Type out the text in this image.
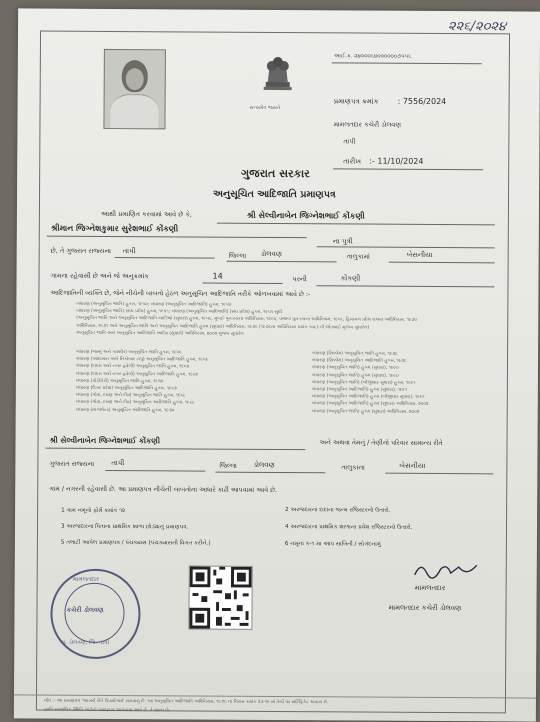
૨૨૬/૨૦૨૪
સત્યમેવ જયતે
આઈ.ક્ર. ૨૪૦૦૦૬૪૦૦૦૦૦૦૭૫૫૬
પ્રમાણપત્ર ક્રમાંક : 7556/2024
મામલતદાર કચેરી ડોલવણ
તાપી
તારીખ :- 11/10/2024
ગુજરાત સરકાર
અનુસૂચિત આદિજાતિ પ્રમાણપત્ર
આથી પ્રમાણિત કરવામાં આવે છે કે,	શ્રી સેલ્વીનાબેન જિગ્નેશભાઈ કોંકણી
શ્રીમાન જિગ્નેશકુમાર સુરેશભાઈ કોંકણી
ના પુત્રી
છે, તે ગુજરાત રાજ્યના તાપી
જિલ્લા ડોલવણ	તાલુકામાં	બેસનીયા
ગામના રહેવાસી છે અને જે અનુક્રમાંક	14	પરની	કોંકણી
આદિજાતિની વ્યક્તિ છે, જેને નીચેની બાબતો હેઠળ અનુસૂચિત આદિજાતિ તરીકે ઓળખવામાં આવે છે :-
બંધારણ (અનુસૂચિત જાતિ) હુકમ, ૧૯૫૦; બંધારણ (અનુસૂચિત આદિજાતિ) હુકમ, ૧૯૫૦
બંધારણ (અનુસૂચિત જાતિ) (સંઘ પ્રદેશ) હુકમ, ૧૯૫૧; બંધારણ (અનુસૂચિત આદિજાતિ) (સંઘ પ્રદેશ) હુકમ, ૧૯૫૧ સુધી
(અનુસૂચિત જાતિ અને અનુસૂચિત આદિજાતિ યાદીઓ (સુધારા) હુકમ, ૧૯૫૬, મુંબઈ પુનઃરચના અધિનિયમ, ૧૯૬૦, પંજાબ પુનઃરચના અધિનિયમ, ૧૯૬૬, હિમાચલ પ્રદેશ રાજ્ય અધિનિયમ, ૧૯૭૦
અધિનિયમ, ૧૯૭૧ અને અનુસૂચિત જાતિ અને અનુસૂચિત આદિજાતિ હુકમ (સુધારા) અધિનિયમ, ૧૯૭૬ (૧૯૭૬ના અધિનિયમ ક્રમાંક ૧૦૮) ની જોગવાઈ મુજબ સુધારેલ)
અનુસૂચિત જાતિ અને અનુસૂચિત આદિજાતિ આદેશ (સુધારો) અધિનિયમ, ૨૦૦૨ મુજબ સુધારેલ
બંધારણ (જમ્મુ અને કાશ્મીર) અનુસૂચિત જાતિ હુકમ, ૧૯૫૬
બંધારણ (આંદામાન અને નિકોબાર ટાપુ) અનુસૂચિત આદિજાતિ હુકમ, ૧૯૫૯
બંધારણ (દાદરા અને નગર હવેલી) અનુસૂચિત જાતિ હુકમ, ૧૯૬૨
બંધારણ (દાદરા અને નગર હવેલી) અનુસૂચિત આદિજાતિ હુકમ, ૧૯૬૨
બંધારણ (પોંડીચેરી) અનુસૂચિત જાતિ હુકમ, ૧૯૬૪
બંધારણ (ઉત્તર પ્રદેશ) અનુસૂચિત આદિજાતિ હુકમ, ૧૯૬૭
બંધારણ (ગોવા, દમણ અને દીવ) અનુસૂચિત જાતિ હુકમ, ૧૯૬૮
બંધારણ (ગોવા, દમણ અને દીવ) અનુસૂચિત આદિજાતિ હુકમ, ૧૯૬૮
બંધારણ (નાગાલેન્ડ) અનુસૂચિત આદિજાતિ હુકમ, ૧૯૭૦
બંધારણ (સિક્કીમ) અનુસૂચિત જાતિ હુકમ, ૧૯૭૮
બંધારણ (સિક્કીમ) અનુસૂચિત આદિજાતિ હુકમ, ૧૯૭૮
બંધારણ (અનુસૂચિત જાતિ) હુકમ (સુધારા), ૧૯૯૦
બંધારણ (અનુસૂચિત જાતિ) હુકમ (સુધારા), ૧૯૯૦
બંધારણ (અનુસૂચિત જાતિ) (બીજીવાર સુધારા) હુકમ, ૧૯૯૧
બંધારણ (અનુસૂચિત આદિજાતિ) હુકમ (સુધારા), ૧૯૯૧
બંધારણ (અનુસૂચિત આદિજાતિ) હુકમ (બીજીવાર સુધારા), ૧૯૯૧
બંધારણ (અનુસૂચિત આદિજાતિ) હુકમ (સુધારા) અધિનિયમ, ૨૦૦૨
બંધારણ (અનુસૂચિત જાતિ) હુકમ (સુધારા) અધિનિયમ, ૨૦૦૨
શ્રી સેલ્વીનાબેન જિગ્નેશભાઈ કોંકણી	અને અથવા તેમનું / તેણીનો પરિવાર સામાન્ય રીતે
ગુજરાત રાજ્યના તાપી	જિલ્લા ડોલવણ	તાલુકાના	બેસનીયા
ગામ / નગરની રહેવાસી છે. આ પ્રમાણપત્ર નીચેની બાબતોના આધારે કાઢી આપવામાં આવે છે.
1 ગામ નમૂનો ફોર્મ ક્રમાંક ૧૨	2 અરજદારના દાદાના જન્મ રજિસ્ટરનો ઉતારો.
3 અરજદારના પિતાના પ્રાથમિક શાળા છોડ્યાનું પ્રમાણપત્ર.	4 અરજદારના પ્રાથમિક શાળાના પ્રવેશ રજિસ્ટરનો ઉતારો.
5 તલાટી આપેલ પ્રમાણપત્ર / પંચક્યાસ (પંચક્યાસની વિગત કરીને.)	6 નમૂના ક-૧ મા આપ સાબિતી / સોગંદનામું
મામલતદાર
કચેરી ડોલવણ
તા. ડોલવણ, જિ. તાપી
મામલતદાર
મામલતદાર કચેરી ડોલવણ
નોંધ :- આ પ્રમાણપત્ર 'આખરી રીતે ઉપયોગમાં' રાખવાનું છે. આ અનુસૂચિત આદિજાતિ અધિનિયમ, ૧૯૭૬ ના નિયમ ક્રમાંક ૨૩-અ માં તેની પર સર્ટિફિકેટ અપાય છે.
જ્ઞાતિ સામાજિક સ્થિતિ અંગેનો પ્રમાણપત્ર આપવામાં આવે છે. તે માન્ય છે.
